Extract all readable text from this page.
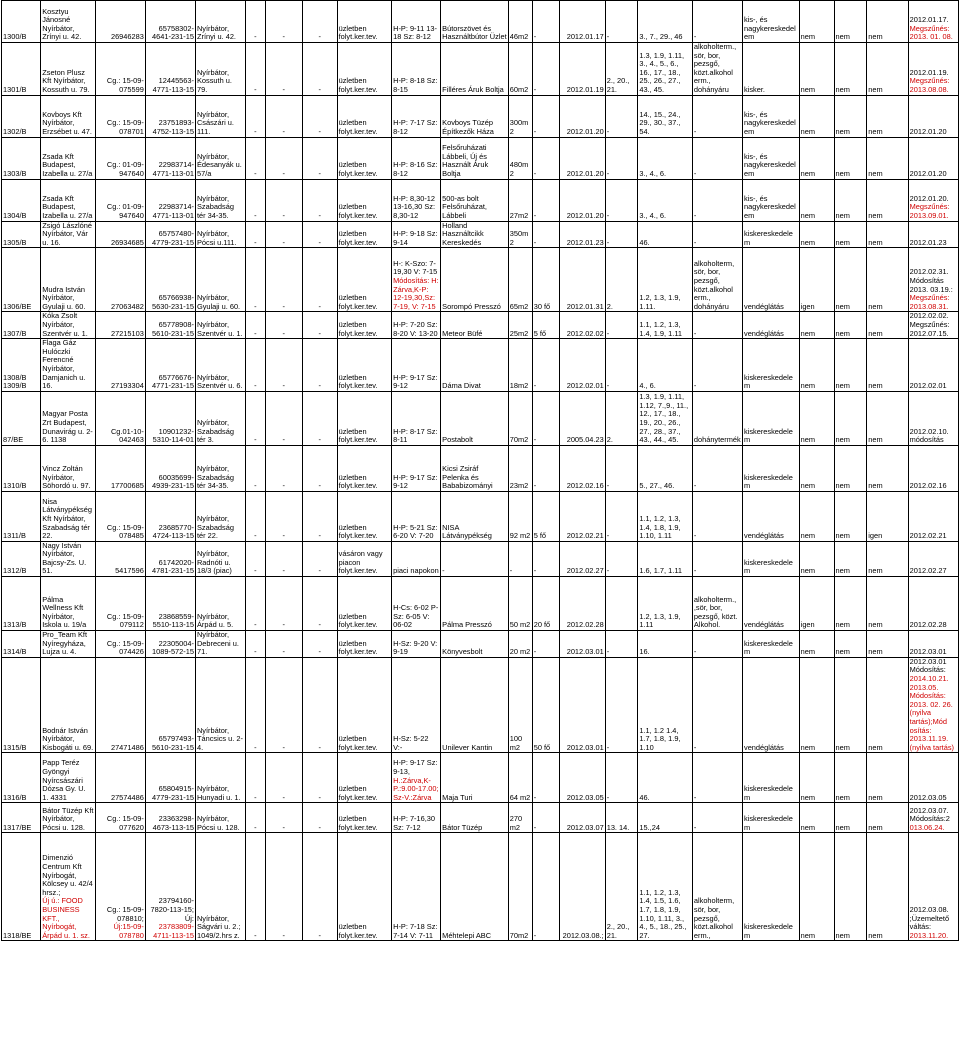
1300/B	Kosztyu Jánosné Nyírbátor, Zrínyi u. 42.	26946283	65758302-4641-231-15	Nyírbátor, Zrínyi u. 42.	-	-	-	üzletben folyt.ker.tev.	H-P: 9-11 13-18 Sz: 8-12	Bútorszövet és Használtbútor Üzlet	46m2	-	2012.01.17	-	3., 7., 29., 46	-	kis-, és nagykereskedelem	nem	nem	nem	2012.01.17.
Megszűnés: 2013. 01. 08.
1301/B	Zseton Plusz Kft Nyírbátor, Kossuth u. 79.	Cg.: 15-09-075599	12445563-4771-113-15	Nyírbátor, Kossuth u. 79.	-	-	-	üzletben folyt.ker.tev.	H-P: 8-18 Sz: 8-15	Filléres Áruk Boltja	60m2	-	2012.01.19	2., 20., 21.	1.3, 1.9, 1.11, 3., 4., 5., 6., 16., 17., 18., 25., 26., 27., 43., 45.	alkoholterm., sör, bor, pezsgő, közt.alkohol erm., dohányáru	kisker.	nem	nem	nem	2012.01.19.
Megszűnés: 2013.08.08.
1302/B	Kovboys Kft Nyírbátor, Erzsébet u. 47.	Cg.: 15-09-078701	23751893-4752-113-15	Nyírbátor, Császári u. 111.	-	-	-	üzletben folyt.ker.tev.	H-P: 7-17 Sz: 8-12	Kovboys Tüzép Építkezők Háza	300m2	-	2012.01.20	-	14., 15., 24., 29., 30., 37., 54.	-	kis-, és nagykereskedelem	nem	nem	nem	2012.01.20
1303/B	Zsada Kft Budapest, Izabella u. 27/a	Cg.: 01-09-947640	22983714-4771-113-01	Nyírbátor, Édesanyák u. 57/a	-	-	-	üzletben folyt.ker.tev.	H-P: 8-16 Sz: 8-12	Felsőruházati Lábbeli, Új és Használt Áruk Boltja	480m2	-	2012.01.20	-	3., 4., 6.	-	kis-, és nagykereskedelem	nem	nem	nem	2012.01.20
1304/B	Zsada Kft Budapest, Izabella u. 27/a	Cg.: 01-09-947640	22983714-4771-113-01	Nyírbátor, Szabadság tér 34-35.	-	-	-	üzletben folyt.ker.tev.	H-P: 8,30-12 13-16,30 Sz: 8,30-12	500-as bolt Felsőruházat, Lábbeli	27m2	-	2012.01.20	-	3., 4., 6.	-	kis-, és nagykereskedelem	nem	nem	nem	2012.01.20.
Megszűnés: 2013.09.01.
1305/B	Zsigó Lászlóné Nyírbátor, Vár u. 16.	26934685	65757480-4779-231-15	Nyírbátor, Pócsi u.111.	-	-	-	üzletben folyt.ker.tev.	H-P: 9-18 Sz: 9-14	Holland Használtcikk Kereskedés	350m2	-	2012.01.23	-	46.	-	kiskereskedelem	nem	nem	nem	2012.01.23
1306/BE	Mudra István Nyírbátor, Gyulaji u. 60.	27063482	65766938-5630-231-15	Nyírbátor, Gyulaji u. 60.	-	-	-	üzletben folyt.ker.tev.	H-: K-Szo: 7-19,30 V: 7-15
Módosítás: H: Zárva,K-P: 12-19,30,Sz: 7-19, V: 7-15	Sorompó Presszó	65m2	30 fő	2012.01.31	2.	1.2, 1.3, 1.9, 1.11.	alkoholterm, sör, bor, pezsgő, közt.alkohol erm., dohányáru	vendéglátás	igen	nem	nem	2012.02.31. Módosítás 2013. 03.19.:
Megszűnés: 2013.08.31.
1307/B	Kóka Zsolt Nyírbátor, Szentvér u. 1.	27215103	65778908-5610-231-15	Nyírbátor, Szentvér u. 1.	-	-	-	üzletben folyt.ker.tev.	H-P: 7-20 Sz: 8-20 V: 13-20	Meteor Büfé	25m2	5 fő	2012.02.02	-	1.1, 1.2, 1.3, 1.4, 1.9, 1.11	-	vendéglátás	nem	nem	nem	2012.02.02. Megszűnés: 2012.07.15.

1308/B
1309/B	Flaga Gáz Hulóczki Ferencné Nyírbátor, Damjanich u. 16.	27193304	65776676-4771-231-15	Nyírbátor, Szentvér u. 6.	-	-	-	üzletben folyt.ker.tev.	H-P: 9-17 Sz: 9-12	Dáma Divat	18m2	-	2012.02.01	-	4., 6.	-	kiskereskedelem	nem	nem	nem	2012.02.01
87/BE	Magyar Posta Zrt Budapest, Dunavirág u. 2-6. 1138	Cg.01-10-042463	10901232-5310-114-01	Nyírbátor, Szabadság tér 3.	-	-	-	üzletben folyt.ker.tev.	H-P: 8-17 Sz: 8-11	Postabolt	70m2	-	2005.04.23	2.	1.3, 1.9, 1.11, 1.12, 7.,9., 11., 12., 17., 18., 19., 20., 26., 27., 28., 37., 43., 44., 45.	dohánytermék	kiskereskedelem	nem	nem	nem	2012.02.10. módosítás
1310/B	Vincz Zoltán Nyírbátor, Söhordó u. 97.	17700685	60035699-4939-231-15	Nyírbátor, Szabadság tér 34-35.	-	-	-	üzletben folyt.ker.tev.	H-P: 9-17 Sz: 9-12	Kicsi Zsiráf Pelenka és Bababizományi	23m2	-	2012.02.16	-	5., 27., 46.	-	kiskereskedelem	nem	nem	nem	2012.02.16
1311/B	Nisa Látványpékség Kft Nyírbátor, Szabadság tér 22.	Cg.: 15-09-078485	23685770-4724-113-15	Nyírbátor, Szabadság tér 22.	-	-	-	üzletben folyt.ker.tev.	H-P: 5-21 Sz: 6-20 V: 7-20	NISA Látványpékség	92 m2	5 fő	2012.02.21	-	1.1, 1.2, 1.3, 1.4, 1.8, 1.9, 1.10, 1.11	-	vendéglátás	nem	nem	igen	2012.02.21
1312/B	Nagy István Nyírbátor, Bajcsy-Zs. U. 51.	5417596	61742020-4781-231-15	Nyírbátor, Radnóti u. 18/3 (piac)	-	-	-	vásáron vagy piacon folyt.ker.tev.	piaci napokon	-	-	-	2012.02.27	-	1.6, 1.7, 1.11	-	kiskereskedelem	nem	nem	nem	2012.02.27
1313/B	Pálma Wellness Kft Nyírbátor, Iskola u. 19/a	Cg.: 15-09-079112	23868559-5510-113-15	Nyírbátor, Árpád u. 5.	-	-	-	üzletben folyt.ker.tev.	H-Cs: 6-02 P-Sz: 6-05 V: 06-02	Pálma Presszó	50 m2	20 fő	2012.02.28		1.2, 1.3, 1.9, 1.11	alkoholterm., ,sör, bor, pezsgő, közt. Alkohol.	vendéglátás	igen	nem	nem	2012.02.28
1314/B	Pro_Team Kft Nyíregyháza, Lujza u. 4.	Cg.: 15-09-074426	22305004-1089-572-15	Nyírbátor, Debreceni u. 71.	-	-	-	üzletben folyt.ker.tev.	H-Sz: 9-20 V: 9-19	Könyvesbolt	20 m2	-	2012.03.01	-	16.	-	kiskereskedelem	nem	nem	nem	2012.03.01
1315/B	Bodnár István Nyírbátor, Kisbogáti u. 69.	27471486	65797493-5610-231-15	Nyírbátor, Táncsics u. 2-4.	-	-	-	üzletben folyt.ker.tev.	H-Sz: 5-22 V:-	Unilever Kantin	100 m2	50 fő	2012.03.01	-	1.1, 1.2 1.4, 1.7, 1.8, 1.9, 1.10	-	vendéglátás	nem	nem	nem	2012.03.01 Módosítás:
2014.10.21. 2013.05. Módosítás: 2013. 02. 26. (nyilva tartás);Mód osítás: 2013.11.19. (nyilva tartás)
1316/B	Papp Teréz Gyöngyi Nyírcsászári Dózsa Gy. U. 1. 4331	27574486	65804915-4779-231-15	Nyírbátor, Hunyadi u. 1.	-	-	-	üzletben folyt.ker.tev.	H-P: 9-17 Sz: 9-13,
H.:Zárva,K-P.:9.00-17.00; Sz-V.:Zárva	Maja Turi	64 m2	-	2012.03.05	-	46.	-	kiskereskedelem	nem	nem	nem	2012.03.05
1317/BE	Bátor Tüzép Kft Nyírbátor, Pócsi u. 128.	Cg.: 15-09-077620	23363298-4673-113-15	Nyírbátor, Pócsi u. 128.	-	-	-	üzletben folyt.ker.tev.	H-P: 7-16,30 Sz: 7-12	Bátor Tüzép	270 m2	-	2012.03.07	13. 14.	15.,24	-	kiskereskedelem	nem	nem	nem	2012.03.07. Módosítás:2
013.06.24.
1318/BE	Dimenzió Centrum Kft Nyírbogát, Kölcsey u. 42/4 hrsz.;
Új ú.: FOOD BUSINESS KFT., Nyírbogát, Árpád u. 1. sz.	Cg.: 15-09-078810;
Új:15-09-078780	23794160-7820-113-15; Új:
23783809-4711-113-15	Nyírbátor, Ságvári u. 2.; 1049/2.hrs z.	-	-	-	üzletben folyt.ker.tev.	H-P: 7-18 Sz: 7-14 V: 7-11	Méhtelepi ABC	70m2	-	2012.03.08.;	2., 20., 21.	1.1, 1.2, 1.3, 1.4, 1.5, 1.6, 1.7, 1.8, 1.9, 1.10, 1.11, 3., 4., 5., 18., 25., 27.	alkoholterm, sör, bor, pezsgő, közt.alkohol erm.,	kiskereskedelem	nem	nem	nem	2012.03.08. ;Üzemeltető váltás:
2013.11.20.
